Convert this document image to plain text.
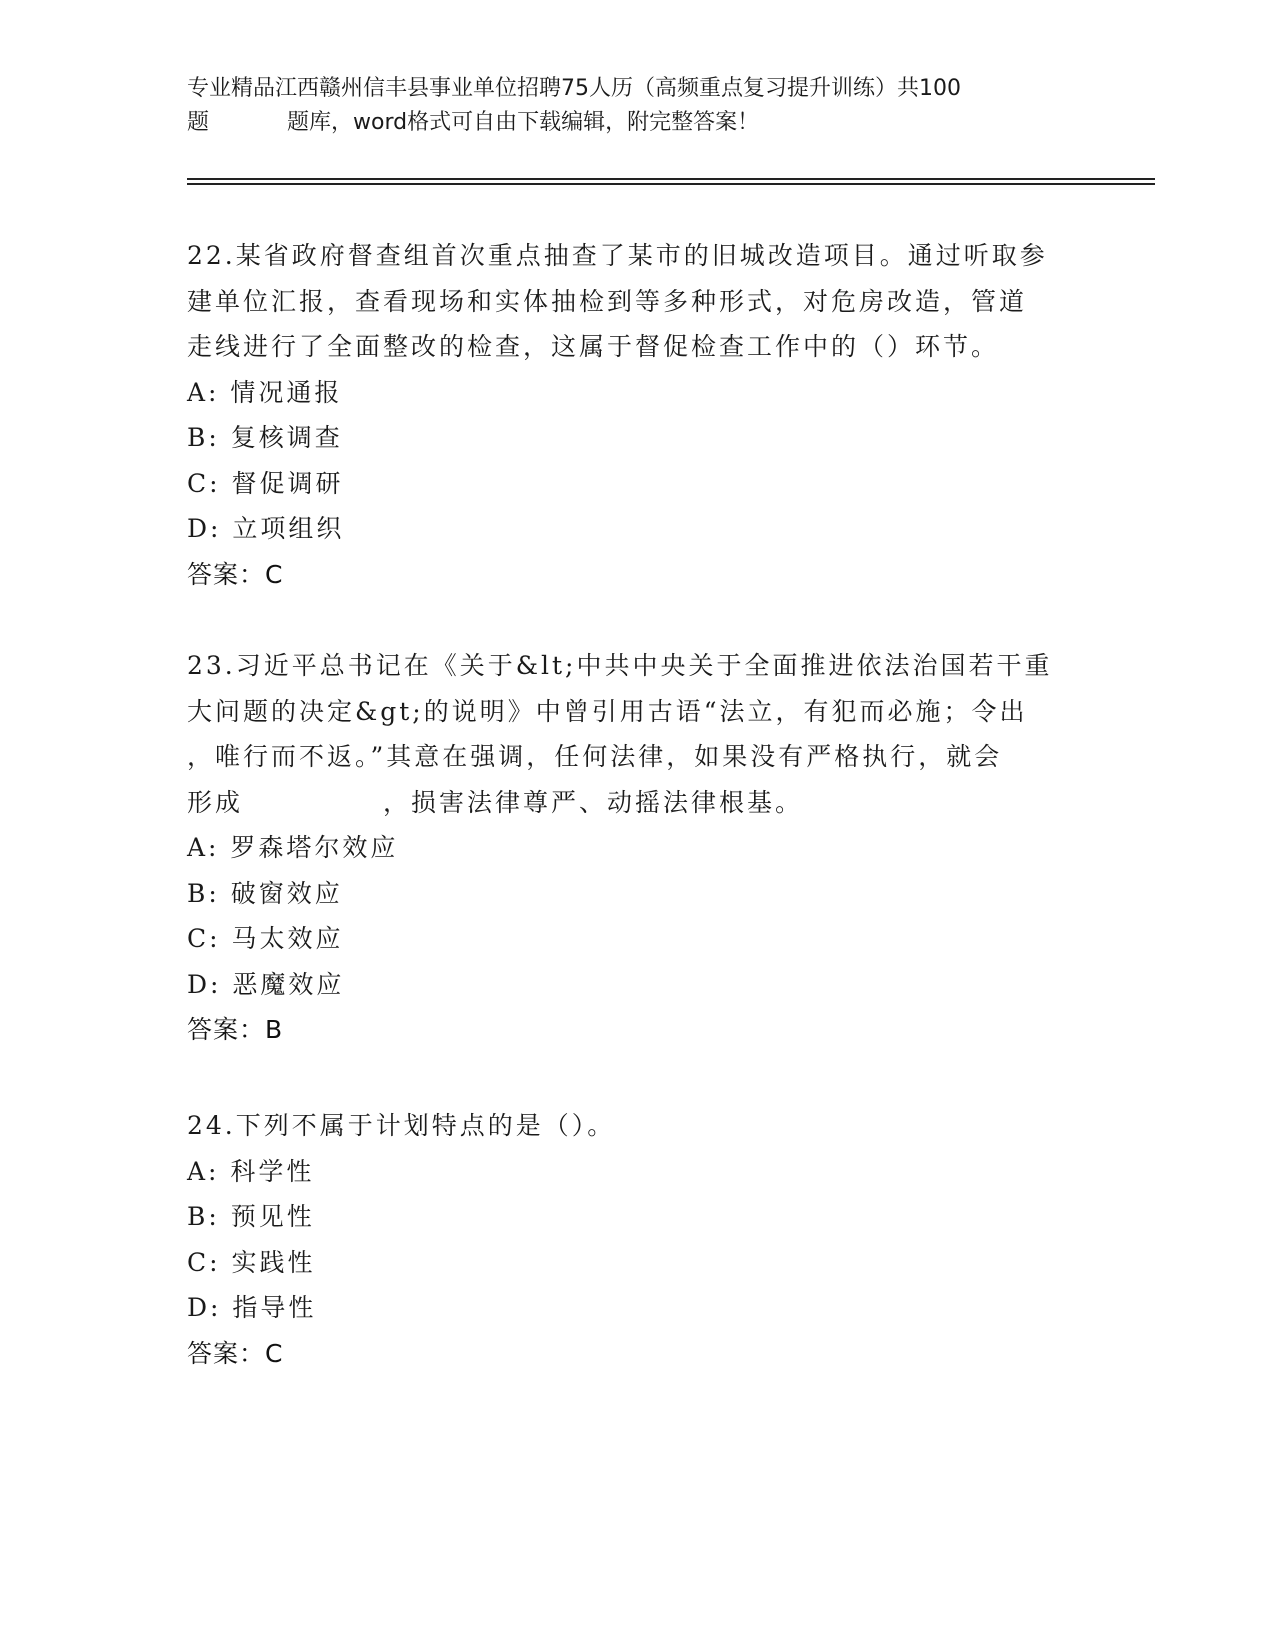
专业精品江西赣州信丰县事业单位招聘75人历（高频重点复习提升训练）共100
题	题库，word格式可自由下载编辑，附完整答案！
22.某省政府督查组首次重点抽查了某市的旧城改造项目。通过听取参
建单位汇报，查看现场和实体抽检到等多种形式，对危房改造，管道
走线进行了全面整改的检查，这属于督促检查工作中的（）环节。
A: 情况通报
B: 复核调查
C: 督促调研
D: 立项组织
答案：C
23.习近平总书记在《关于&lt;中共中央关于全面推进依法治国若干重
大问题的决定&gt;的说明》中曾引用古语“法立，有犯而必施；令出
，唯行而不返。”其意在强调，任何法律，如果没有严格执行，就会
形成	，损害法律尊严、动摇法律根基。
A: 罗森塔尔效应
B: 破窗效应
C: 马太效应
D: 恶魔效应
答案：B
24.下列不属于计划特点的是（）。
A: 科学性
B: 预见性
C: 实践性
D: 指导性
答案：C
